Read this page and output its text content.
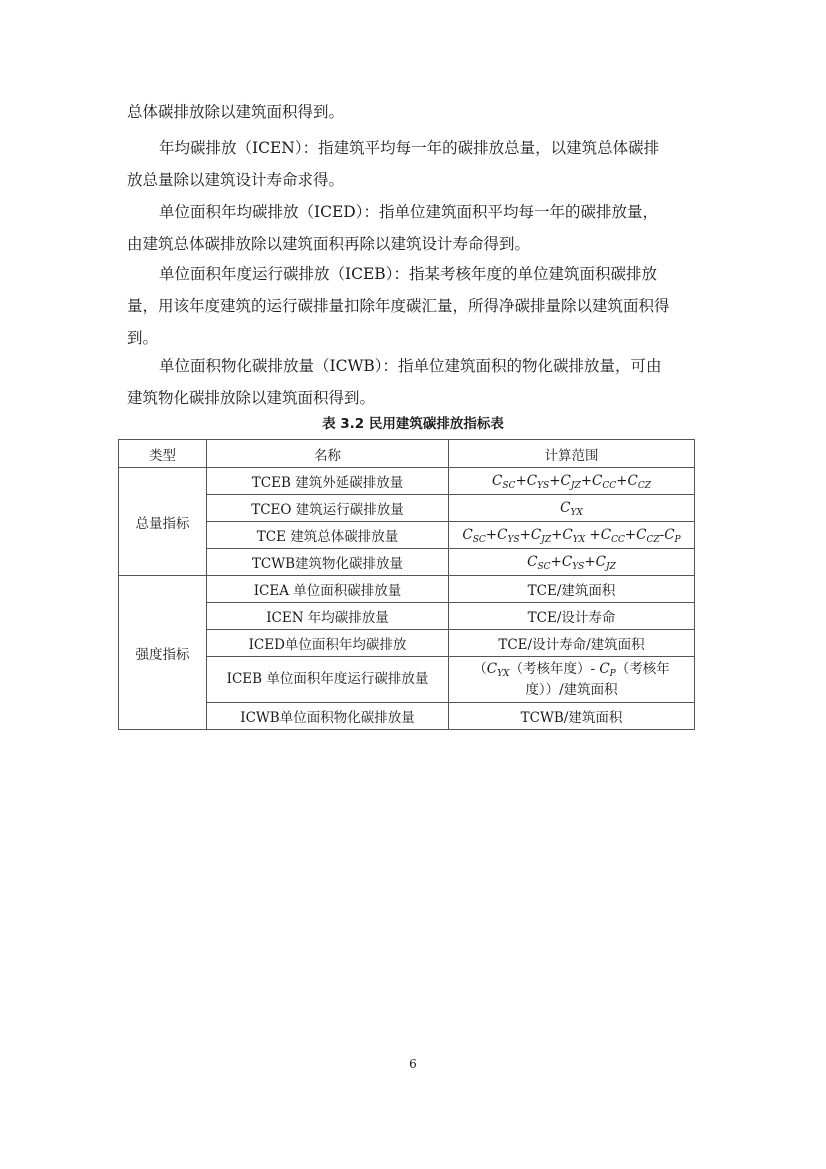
总体碳排放除以建筑面积得到。

年均碳排放（ICEN）：指建筑平均每一年的碳排放总量，以建筑总体碳排
放总量除以建筑设计寿命求得。

单位面积年均碳排放（ICED）：指单位建筑面积平均每一年的碳排放量，
由建筑总体碳排放除以建筑面积再除以建筑设计寿命得到。

单位面积年度运行碳排放（ICEB）：指某考核年度的单位建筑面积碳排放
量，用该年度建筑的运行碳排量扣除年度碳汇量，所得净碳排量除以建筑面积得
到。

单位面积物化碳排放量（ICWB）：指单位建筑面积的物化碳排放量，可由
建筑物化碳排放除以建筑面积得到。

表 3.2 民用建筑碳排放指标表
类型	名称	计算范围
总量指标	TCEB 建筑外延碳排放量	$C_{SC}+C_{YS}+C_{JZ}+C_{CC}+C_{CZ}$
	TCEO 建筑运行碳排放量	$C_{YX}$
	TCE 建筑总体碳排放量	$C_{SC}+C_{YS}+C_{JZ}+C_{YX} +C_{CC}+C_{CZ}-C_P$
	TCWB建筑物化碳排放量	$C_{SC}+C_{YS}+C_{JZ}$
强度指标	ICEA 单位面积碳排放量	TCE/建筑面积
	ICEN 年均碳排放量	TCE/设计寿命
	ICED单位面积年均碳排放	TCE/设计寿命/建筑面积
	ICEB 单位面积年度运行碳排放量	（$C_{YX}$（考核年度）- $C_P$（考核年
度））/建筑面积
	ICWB单位面积物化碳排放量	TCWB/建筑面积
6
